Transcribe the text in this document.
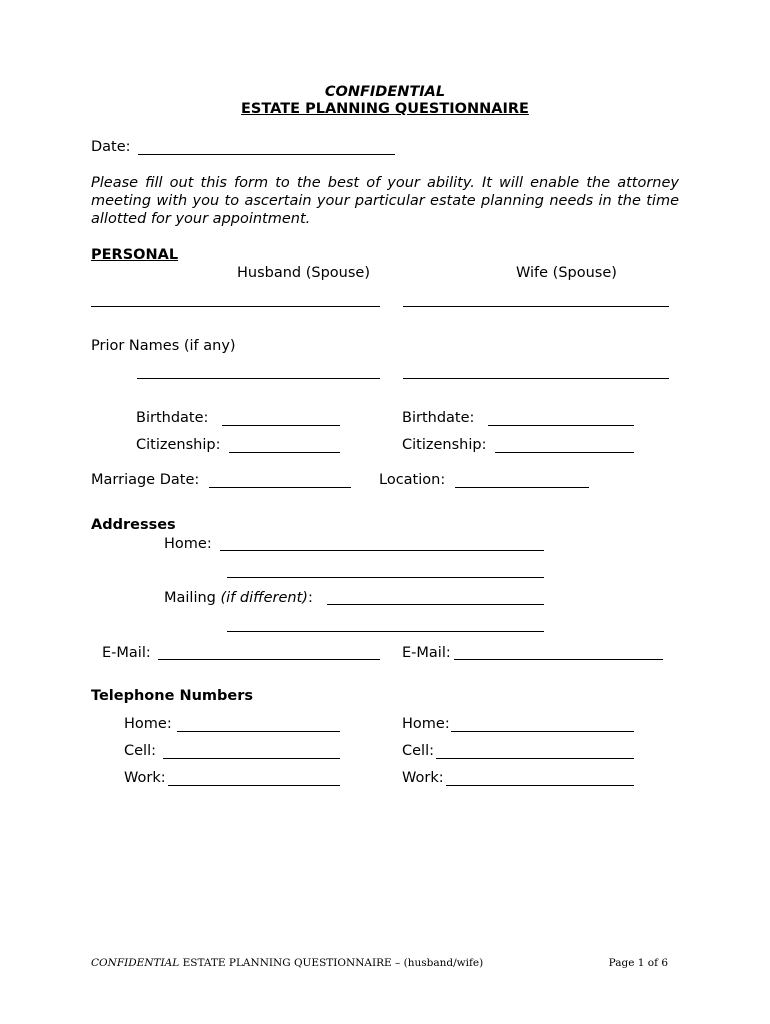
CONFIDENTIAL
ESTATE PLANNING QUESTIONNAIRE
Date:
Please fill out this form to the best of your ability. It will enable the attorney meeting with you to ascertain your particular estate planning needs in the time allotted for your appointment.
PERSONAL
Husband (Spouse)	Wife (Spouse)
Prior Names (if any)
Birthdate:	Birthdate:
Citizenship:	Citizenship:
Marriage Date:	Location:
Addresses
Home:
Mailing (if different):
E-Mail:	E-Mail:
Telephone Numbers
Home:	Home:
Cell:	Cell:
Work:	Work:
CONFIDENTIAL ESTATE PLANNING QUESTIONNAIRE – (husband/wife)	Page 1 of 6
